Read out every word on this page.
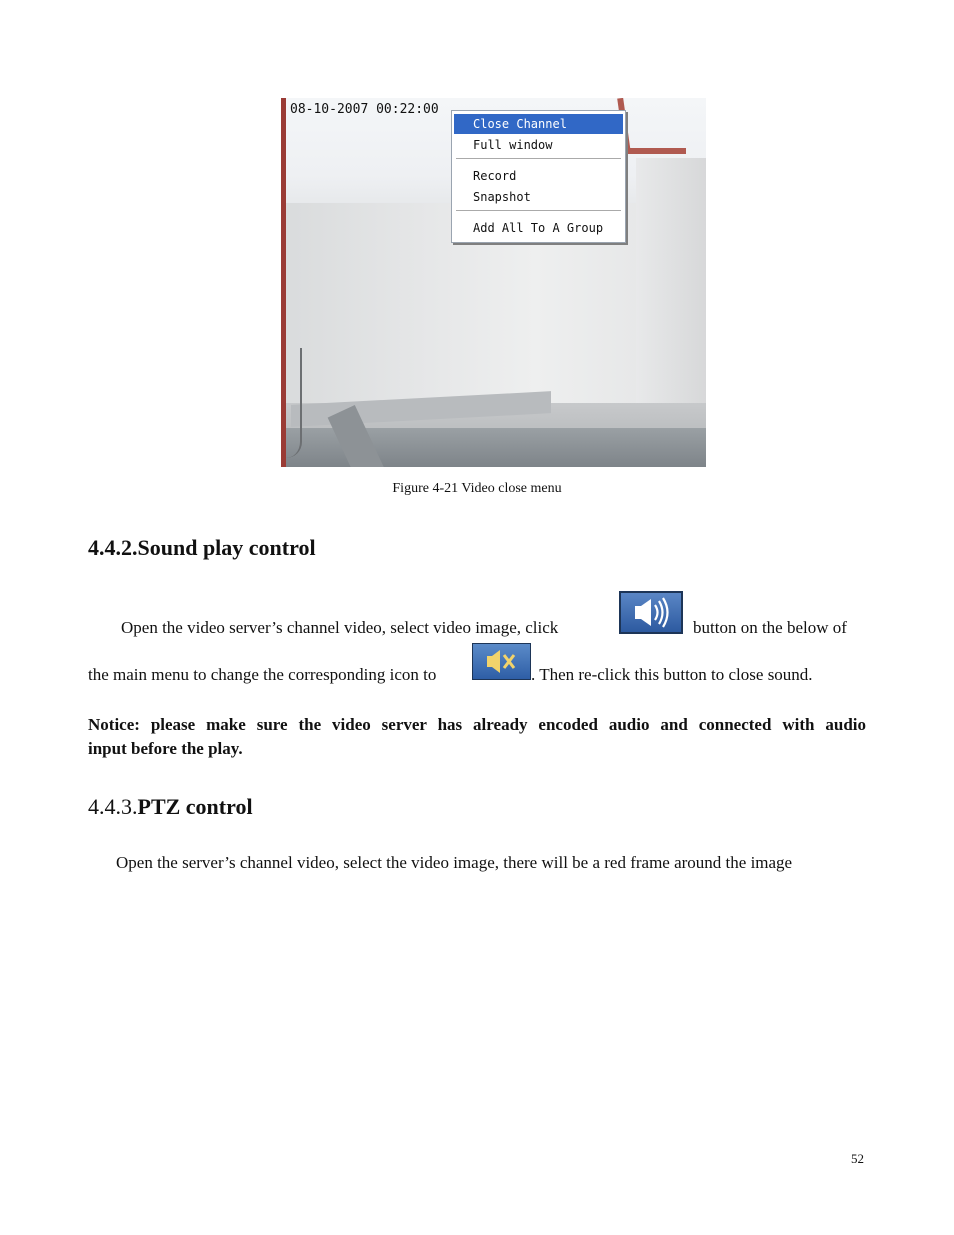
08-10-2007 00:22:00
Close Channel
Full window
Record
Snapshot
Add All To A Group
Figure 4-21 Video close menu
4.4.2.Sound play control
Open the video server’s channel video, select video image, click	button on the below of
the main menu to change the corresponding icon to	. Then re-click this button to close sound.
Notice: please make sure the video server has already encoded audio and connected with audio
input before the play.
4.4.3.PTZ control
Open the server’s channel video, select the video image, there will be a red frame around the image
52
